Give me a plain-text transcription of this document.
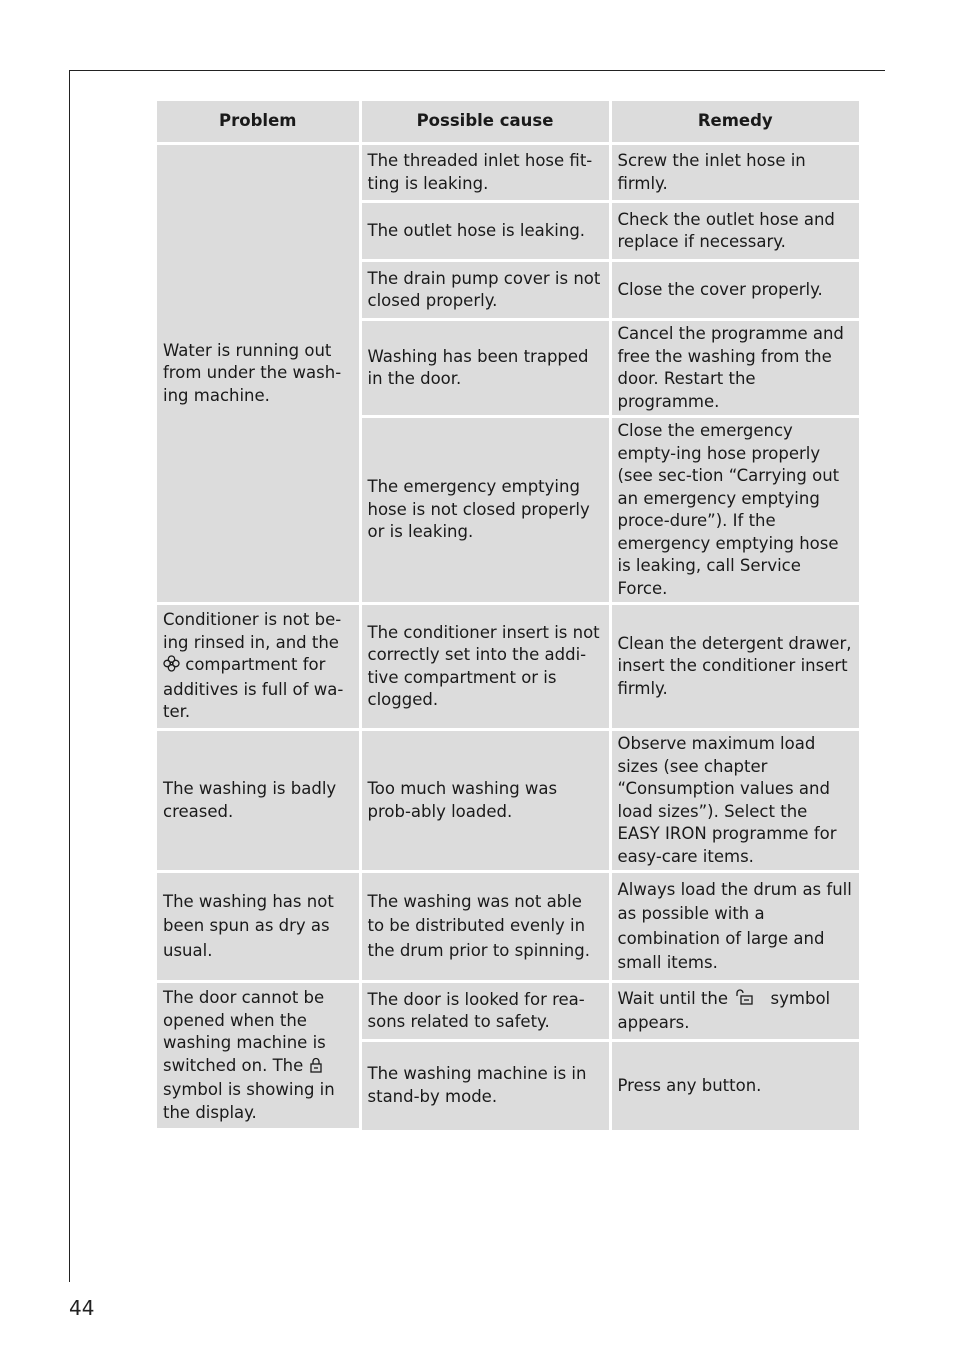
Problem	Possible cause	Remedy
Water is running out from under the wash-ing machine.	The threaded inlet hose fit-ting is leaking.	Screw the inlet hose in firmly.
	The outlet hose is leaking.	Check the outlet hose and replace if necessary.
	The drain pump cover is not closed properly.	Close the cover properly.
	Washing has been trapped in the door.	Cancel the programme and free the washing from the door. Restart the programme.
	The emergency emptying hose is not closed properly or is leaking.	Close the emergency empty-ing hose properly (see sec-tion “Carrying out an emergency emptying proce-dure”). If the emergency emptying hose is leaking, call Service Force.
Conditioner is not be-ing rinsed in, and the  compartment for additives is full of wa-ter.	The conditioner insert is not correctly set into the addi-tive compartment or is clogged.	Clean the detergent drawer, insert the conditioner insert firmly.
The washing is badly creased.	Too much washing was prob-ably loaded.	Observe maximum load sizes (see chapter “Consumption values and load sizes”). Select the EASY IRON programme for easy-care items.
The washing has not been spun as dry as usual.	The washing was not able to be distributed evenly in the drum prior to spinning.	Always load the drum as full as possible with a combination of large and small items.
The door cannot be opened when the washing machine is switched on. The  symbol is showing in the display.	The door is looked for rea-sons related to safety.	Wait until the symbol appears.
	The washing machine is in stand-by mode.	Press any button.
44
